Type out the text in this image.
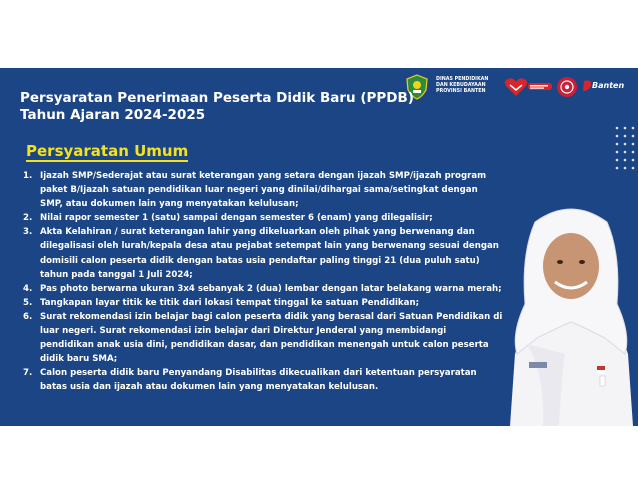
DINAS PENDIDIKAN
DAN KEBUDAYAAN
PROVINSI BANTEN
Banten
Persyaratan Penerimaan Peserta Didik Baru (PPDB)
Tahun Ajaran 2024-2025
Persyaratan Umum
1. Ijazah SMP/Sederajat atau surat keterangan yang setara dengan ijazah SMP/ijazah program paket B/Ijazah satuan pendidikan luar negeri yang dinilai/dihargai sama/setingkat dengan SMP, atau dokumen lain yang menyatakan kelulusan;
2. Nilai rapor semester 1 (satu) sampai dengan semester 6 (enam) yang dilegalisir;
3. Akta Kelahiran / surat keterangan lahir yang dikeluarkan oleh pihak yang berwenang dan dilegalisasi oleh lurah/kepala desa atau pejabat setempat lain yang berwenang sesuai dengan domisili calon peserta didik dengan batas usia pendaftar paling tinggi 21 (dua puluh satu) tahun pada tanggal 1 Juli 2024;
4. Pas photo berwarna ukuran 3x4 sebanyak 2 (dua) lembar dengan latar belakang warna merah;
5. Tangkapan layar titik ke titik dari lokasi tempat tinggal ke satuan Pendidikan;
6. Surat rekomendasi izin belajar bagi calon peserta didik yang berasal dari Satuan Pendidikan di luar negeri. Surat rekomendasi izin belajar dari Direktur Jenderal yang membidangi pendidikan anak usia dini, pendidikan dasar, dan pendidikan menengah untuk calon peserta didik baru SMA;
7. Calon peserta didik baru Penyandang Disabilitas dikecualikan dari ketentuan persyaratan batas usia dan ijazah atau dokumen lain yang menyatakan kelulusan.
